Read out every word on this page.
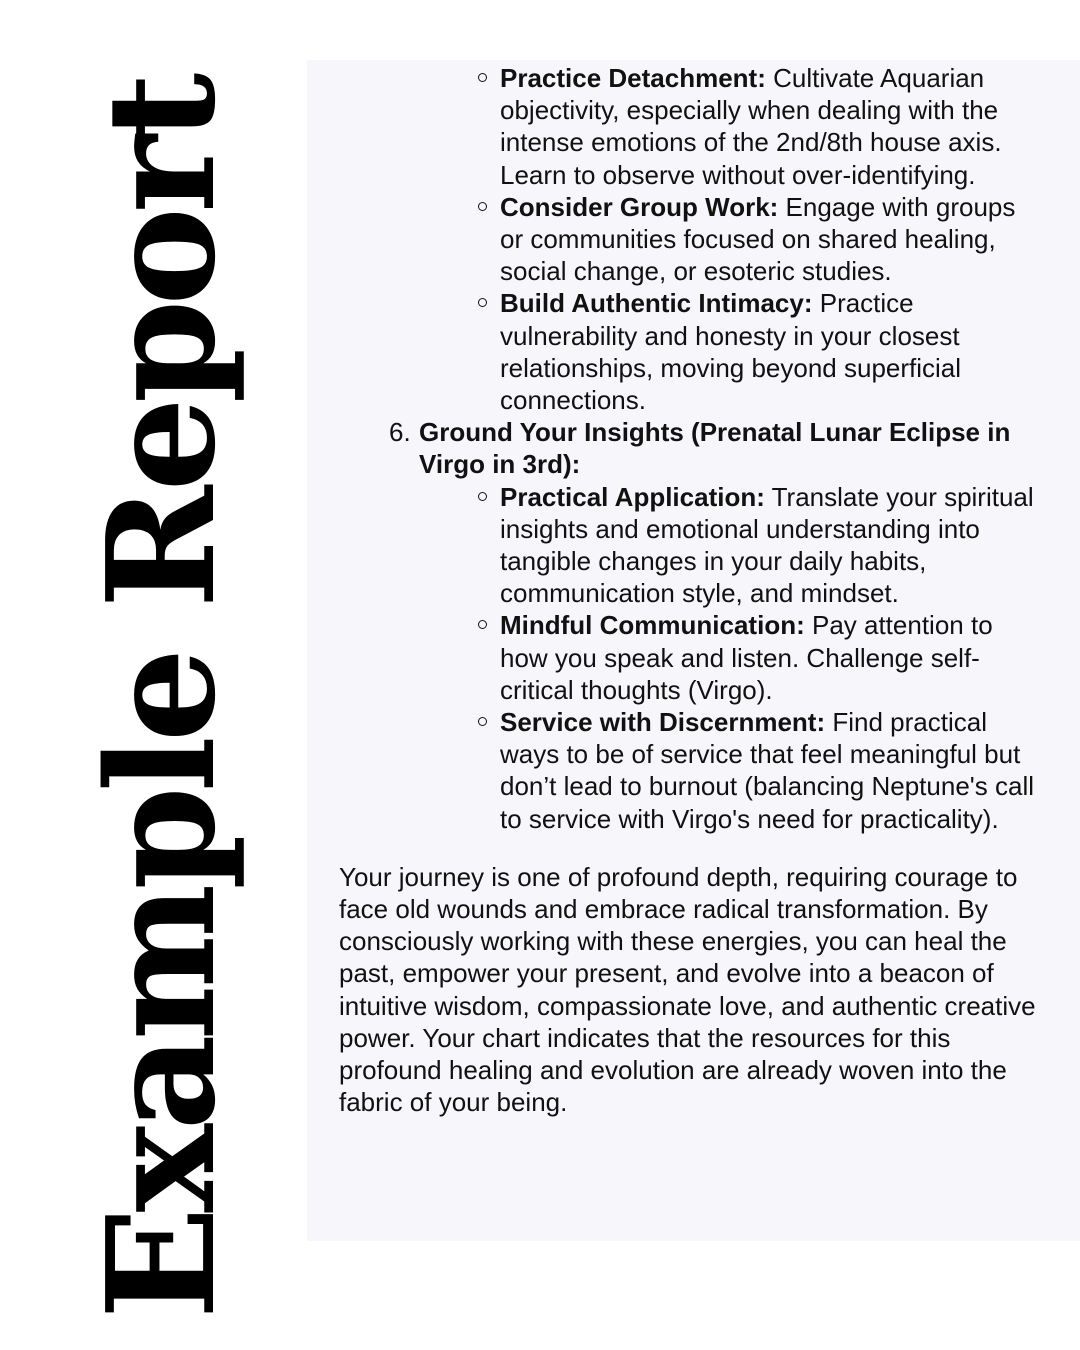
Example Report
Practice Detachment: Cultivate Aquarian objectivity, especially when dealing with the intense emotions of the 2nd/8th house axis. Learn to observe without over-identifying.
Consider Group Work: Engage with groups or communities focused on shared healing, social change, or esoteric studies.
Build Authentic Intimacy: Practice vulnerability and honesty in your closest relationships, moving beyond superficial connections.
6. Ground Your Insights (Prenatal Lunar Eclipse in Virgo in 3rd):
Practical Application: Translate your spiritual insights and emotional understanding into tangible changes in your daily habits, communication style, and mindset.
Mindful Communication: Pay attention to how you speak and listen. Challenge self-critical thoughts (Virgo).
Service with Discernment: Find practical ways to be of service that feel meaningful but don’t lead to burnout (balancing Neptune's call to service with Virgo's need for practicality).

Your journey is one of profound depth, requiring courage to face old wounds and embrace radical transformation. By consciously working with these energies, you can heal the past, empower your present, and evolve into a beacon of intuitive wisdom, compassionate love, and authentic creative power. Your chart indicates that the resources for this profound healing and evolution are already woven into the fabric of your being.
